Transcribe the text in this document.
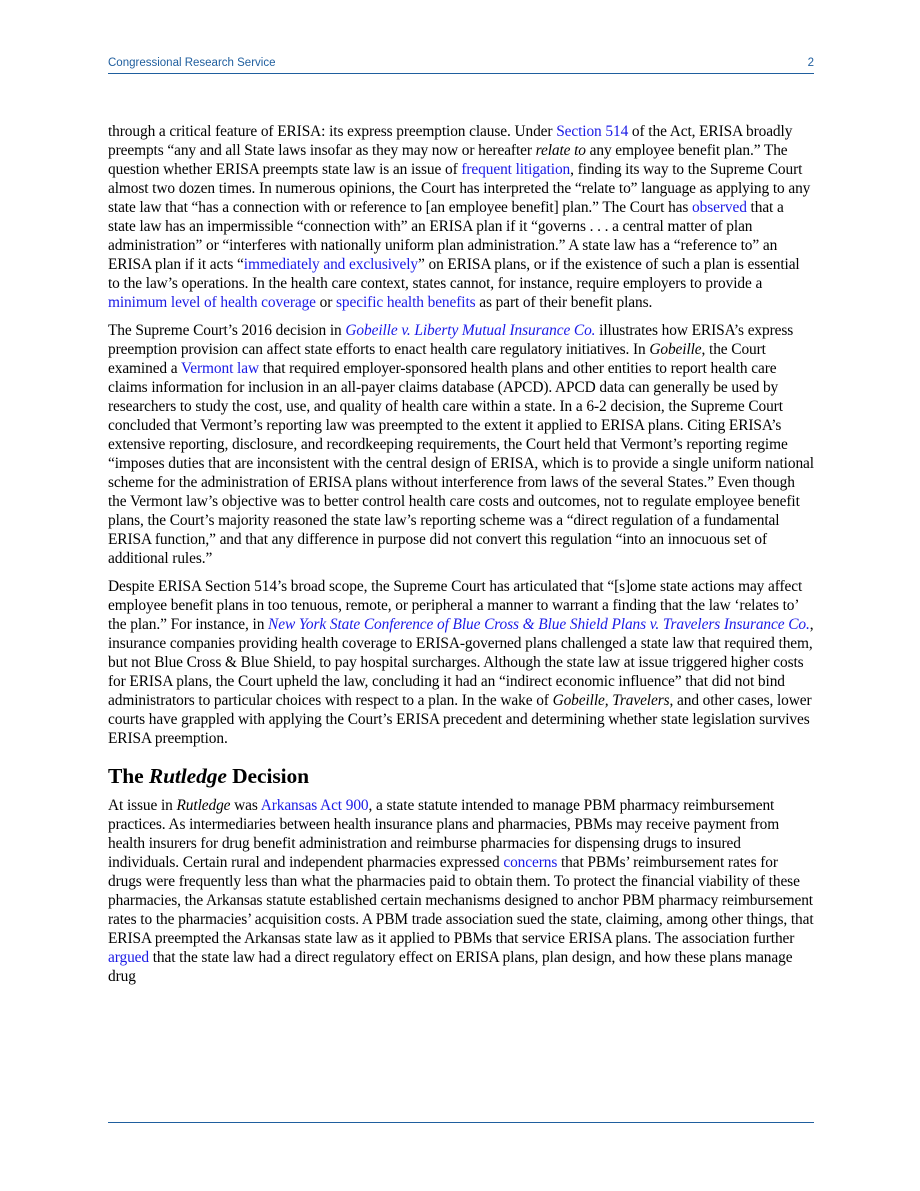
Congressional Research Service	2

through a critical feature of ERISA: its express preemption clause. Under Section 514 of the Act, ERISA broadly preempts “any and all State laws insofar as they may now or hereafter relate to any employee benefit plan.” The question whether ERISA preempts state law is an issue of frequent litigation, finding its way to the Supreme Court almost two dozen times. In numerous opinions, the Court has interpreted the “relate to” language as applying to any state law that “has a connection with or reference to [an employee benefit] plan.” The Court has observed that a state law has an impermissible “connection with” an ERISA plan if it “governs . . . a central matter of plan administration” or “interferes with nationally uniform plan administration.” A state law has a “reference to” an ERISA plan if it acts “immediately and exclusively” on ERISA plans, or if the existence of such a plan is essential to the law’s operations. In the health care context, states cannot, for instance, require employers to provide a minimum level of health coverage or specific health benefits as part of their benefit plans.

The Supreme Court’s 2016 decision in Gobeille v. Liberty Mutual Insurance Co. illustrates how ERISA’s express preemption provision can affect state efforts to enact health care regulatory initiatives. In Gobeille, the Court examined a Vermont law that required employer-sponsored health plans and other entities to report health care claims information for inclusion in an all-payer claims database (APCD). APCD data can generally be used by researchers to study the cost, use, and quality of health care within a state. In a 6-2 decision, the Supreme Court concluded that Vermont’s reporting law was preempted to the extent it applied to ERISA plans. Citing ERISA’s extensive reporting, disclosure, and recordkeeping requirements, the Court held that Vermont’s reporting regime “imposes duties that are inconsistent with the central design of ERISA, which is to provide a single uniform national scheme for the administration of ERISA plans without interference from laws of the several States.” Even though the Vermont law’s objective was to better control health care costs and outcomes, not to regulate employee benefit plans, the Court’s majority reasoned the state law’s reporting scheme was a “direct regulation of a fundamental ERISA function,” and that any difference in purpose did not convert this regulation “into an innocuous set of additional rules.”

Despite ERISA Section 514’s broad scope, the Supreme Court has articulated that “[s]ome state actions may affect employee benefit plans in too tenuous, remote, or peripheral a manner to warrant a finding that the law ‘relates to’ the plan.” For instance, in New York State Conference of Blue Cross & Blue Shield Plans v. Travelers Insurance Co., insurance companies providing health coverage to ERISA-governed plans challenged a state law that required them, but not Blue Cross & Blue Shield, to pay hospital surcharges. Although the state law at issue triggered higher costs for ERISA plans, the Court upheld the law, concluding it had an “indirect economic influence” that did not bind administrators to particular choices with respect to a plan. In the wake of Gobeille, Travelers, and other cases, lower courts have grappled with applying the Court’s ERISA precedent and determining whether state legislation survives ERISA preemption.

The Rutledge Decision

At issue in Rutledge was Arkansas Act 900, a state statute intended to manage PBM pharmacy reimbursement practices. As intermediaries between health insurance plans and pharmacies, PBMs may receive payment from health insurers for drug benefit administration and reimburse pharmacies for dispensing drugs to insured individuals. Certain rural and independent pharmacies expressed concerns that PBMs’ reimbursement rates for drugs were frequently less than what the pharmacies paid to obtain them. To protect the financial viability of these pharmacies, the Arkansas statute established certain mechanisms designed to anchor PBM pharmacy reimbursement rates to the pharmacies’ acquisition costs. A PBM trade association sued the state, claiming, among other things, that ERISA preempted the Arkansas state law as it applied to PBMs that service ERISA plans. The association further argued that the state law had a direct regulatory effect on ERISA plans, plan design, and how these plans manage drug
